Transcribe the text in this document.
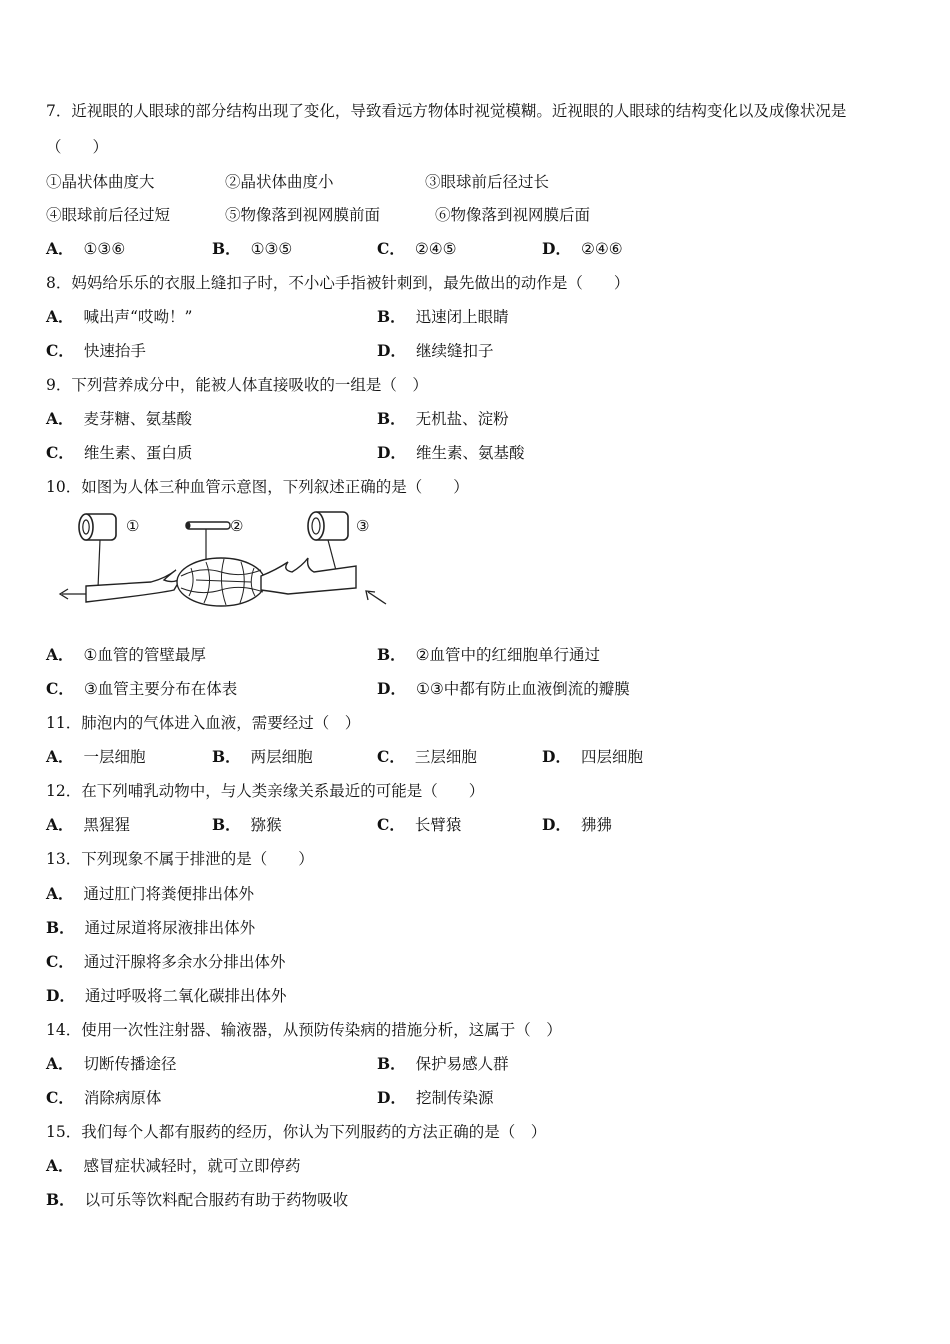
7．近视眼的人眼球的部分结构出现了变化，导致看远方物体时视觉模糊。近视眼的人眼球的结构变化以及成像状况是
（　　）
①晶状体曲度大	②晶状体曲度小	③眼球前后径过长
④眼球前后径过短	⑤物像落到视网膜前面	⑥物像落到视网膜后面
A． ①③⑥	B． ①③⑤	C． ②④⑤	D． ②④⑥
8．妈妈给乐乐的衣服上缝扣子时，不小心手指被针刺到，最先做出的动作是（　　）
A． 喊出声“哎呦！”	B． 迅速闭上眼睛
C． 快速抬手	D． 继续缝扣子
9．下列营养成分中，能被人体直接吸收的一组是（　）
A． 麦芽糖、氨基酸	B． 无机盐、淀粉
C． 维生素、蛋白质	D． 维生素、氨基酸
10．如图为人体三种血管示意图，下列叙述正确的是（　　）
①	②	③
A． ①血管的管壁最厚	B． ②血管中的红细胞单行通过
C． ③血管主要分布在体表	D． ①③中都有防止血液倒流的瓣膜
11．肺泡内的气体进入血液，需要经过（　）
A． 一层细胞	B． 两层细胞	C． 三层细胞	D． 四层细胞
12．在下列哺乳动物中，与人类亲缘关系最近的可能是（　　）
A． 黑猩猩	B． 猕猴	C． 长臂猿	D． 狒狒
13．下列现象不属于排泄的是（　　）
A． 通过肛门将粪便排出体外
B． 通过尿道将尿液排出体外
C． 通过汗腺将多余水分排出体外
D． 通过呼吸将二氧化碳排出体外
14．使用一次性注射器、输液器，从预防传染病的措施分析，这属于（　）
A． 切断传播途径	B． 保护易感人群
C． 消除病原体	D． 挖制传染源
15．我们每个人都有服药的经历，你认为下列服药的方法正确的是（　）
A． 感冒症状减轻时，就可立即停药
B． 以可乐等饮料配合服药有助于药物吸收
